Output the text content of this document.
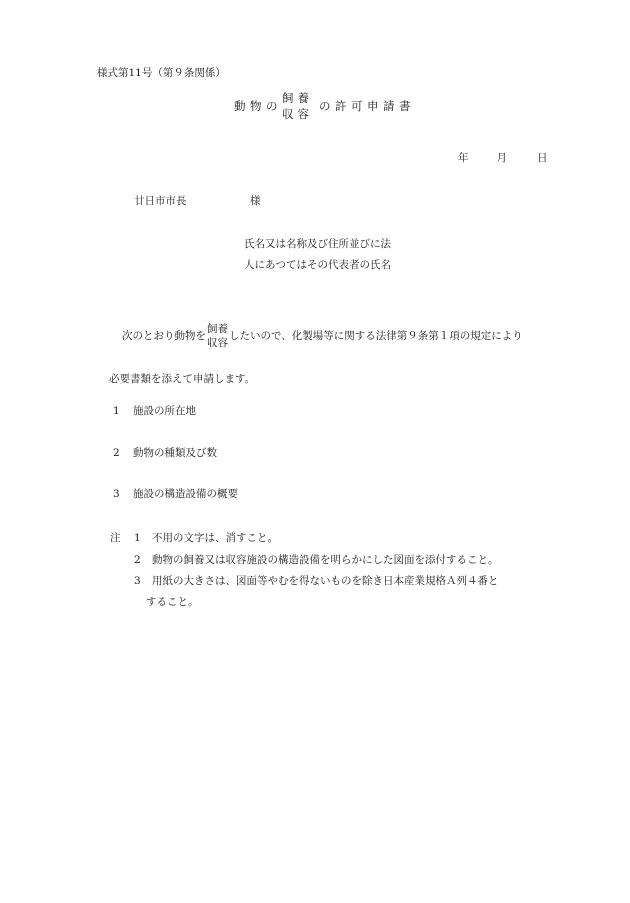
様式第11号（第９条関係）
動物の
飼養
収容
の許可申請書
年	月	日
廿日市市長	様
氏名又は名称及び住所並びに法
人にあつてはその代表者の氏名
次のとおり動物を
飼養
収容
したいので、化製場等に関する法律第９条第１項の規定により
必要書類を添えて申請します。
1 施設の所在地
2 動物の種類及び数
3 施設の構造設備の概要
注 1 不用の文字は、消すこと。
2 動物の飼養又は収容施設の構造設備を明らかにした図面を添付すること。
3 用紙の大きさは、図面等やむを得ないものを除き日本産業規格Ａ列４番と
すること。
